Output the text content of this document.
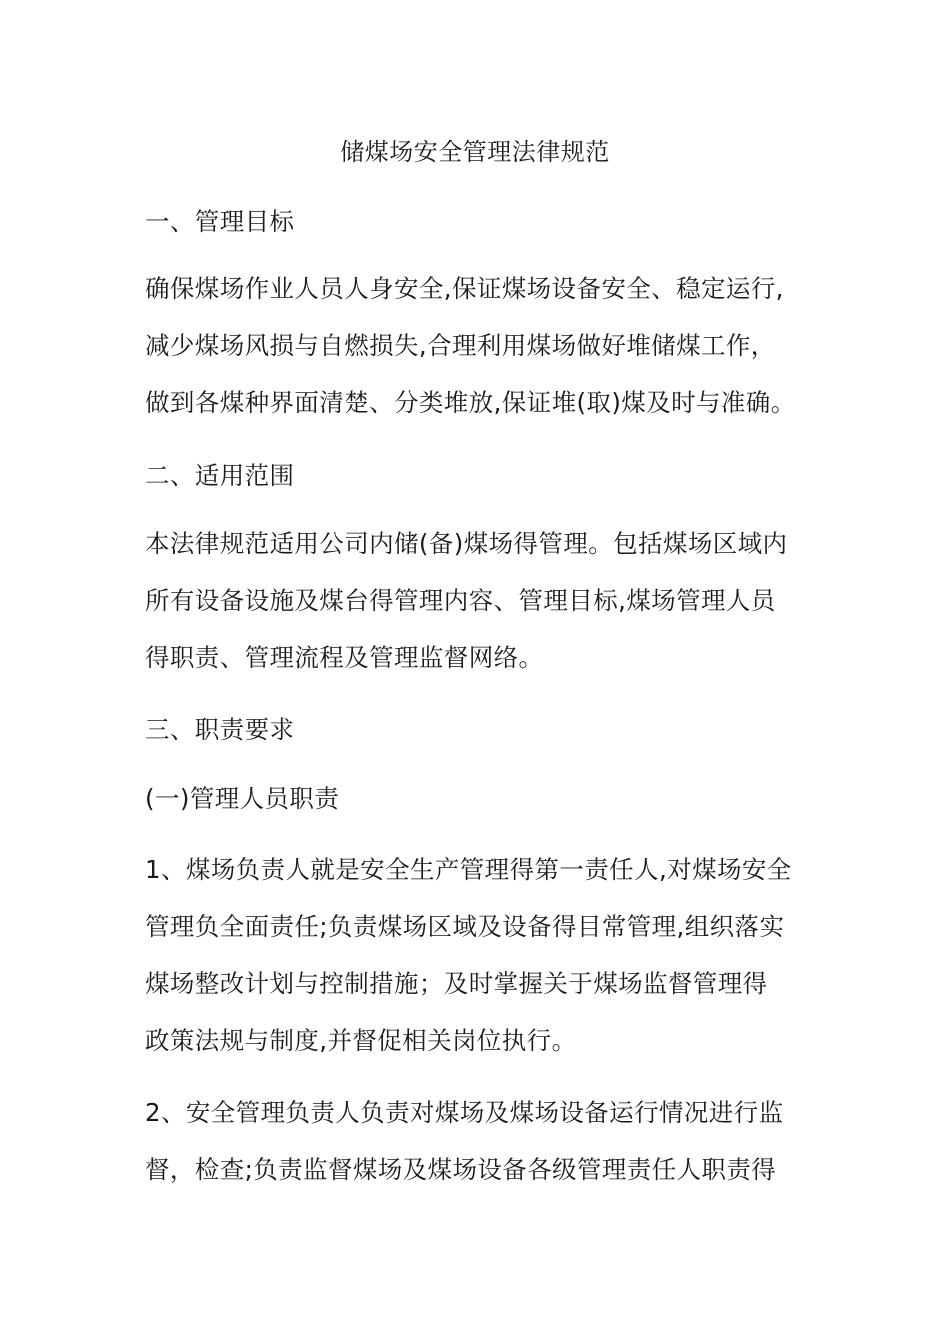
储煤场安全管理法律规范
一、管理目标
确保煤场作业人员人身安全,保证煤场设备安全、稳定运行,
减少煤场风损与自燃损失,合理利用煤场做好堆储煤工作，
做到各煤种界面清楚、分类堆放,保证堆(取)煤及时与准确。
二、适用范围
本法律规范适用公司内储(备)煤场得管理。包括煤场区域内
所有设备设施及煤台得管理内容、管理目标,煤场管理人员
得职责、管理流程及管理监督网络。
三、职责要求
(一)管理人员职责
1、煤场负责人就是安全生产管理得第一责任人,对煤场安全
管理负全面责任;负责煤场区域及设备得目常管理,组织落实
煤场整改计划与控制措施；及时掌握关于煤场监督管理得
政策法规与制度,并督促相关岗位执行。
2、安全管理负责人负责对煤场及煤场设备运行情况进行监
督，检查;负责监督煤场及煤场设备各级管理责任人职责得
